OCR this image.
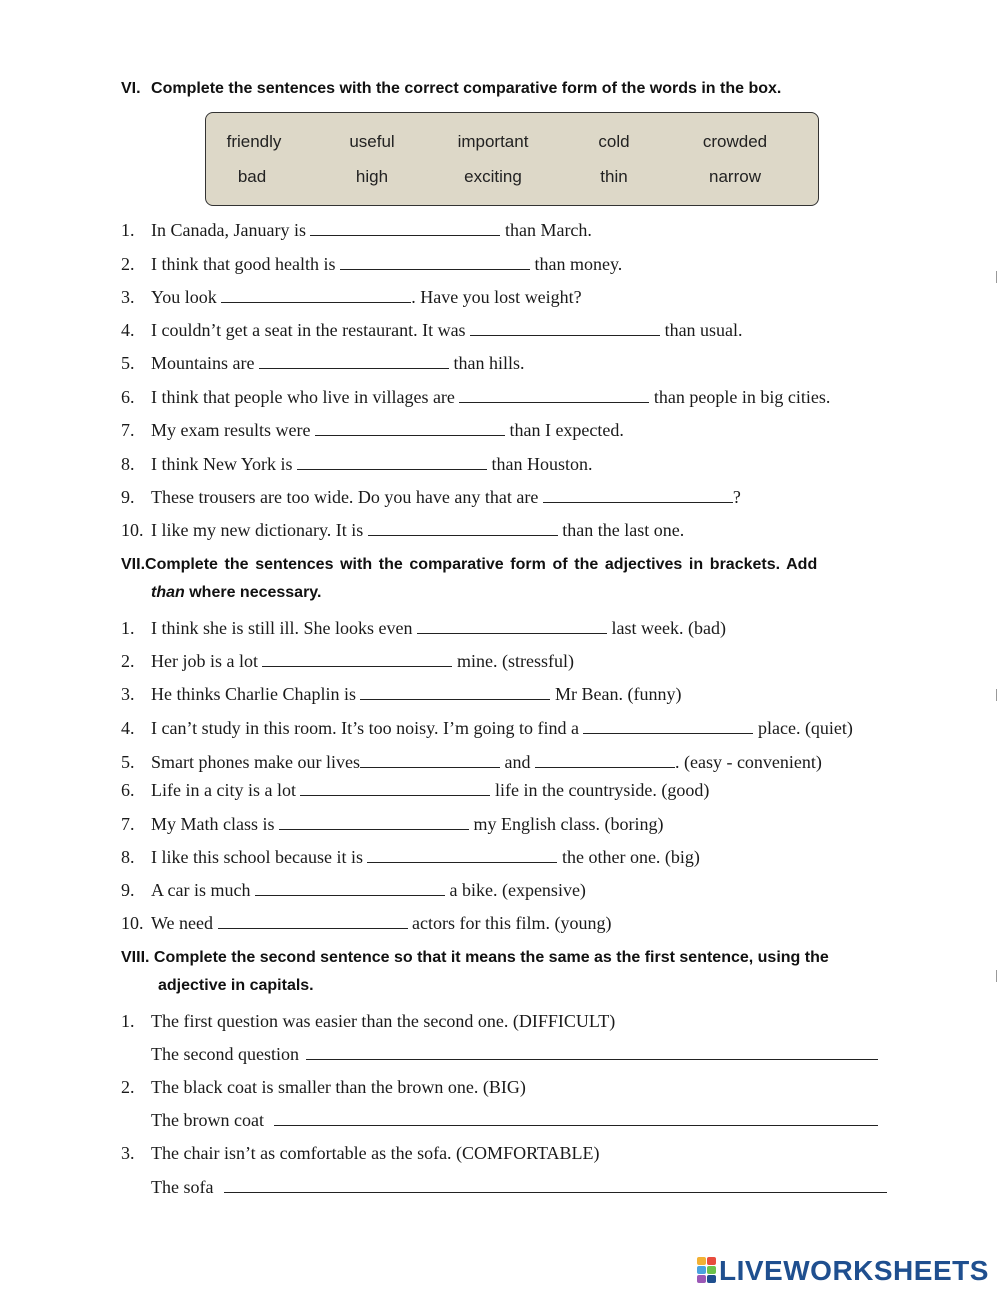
VI. Complete the sentences with the correct comparative form of the words in the box.
friendly	useful	important	cold	crowded
bad	high	exciting	thin	narrow
1. In Canada, January is	than March.
2. I think that good health is	than money.
3. You look	. Have you lost weight?
4. I couldn’t get a seat in the restaurant. It was	than usual.
5. Mountains are	than hills.
6. I think that people who live in villages are	than people in big cities.
7. My exam results were	than I expected.
8. I think New York is	than Houston.
9. These trousers are too wide. Do you have any that are	?
10. I like my new dictionary. It is	than the last one.
VII.Complete the sentences with the comparative form of the adjectives in brackets. Add
than where necessary.
1. I think she is still ill. She looks even	last week. (bad)
2. Her job is a lot	mine. (stressful)
3. He thinks Charlie Chaplin is	Mr Bean. (funny)
4. I can’t study in this room. It’s too noisy. I’m going to find a	place. (quiet)
5. Smart phones make our lives	and	. (easy - convenient)
6. Life in a city is a lot	life in the countryside. (good)
7. My Math class is	my English class. (boring)
8. I like this school because it is	the other one. (big)
9. A car is much	a bike. (expensive)
10. We need	actors for this film. (young)
VIII. Complete the second sentence so that it means the same as the first sentence, using the
adjective in capitals.
1. The first question was easier than the second one. (DIFFICULT)
The second question
2. The black coat is smaller than the brown one. (BIG)
The brown coat
3. The chair isn’t as comfortable as the sofa. (COMFORTABLE)
The sofa
LIVEWORKSHEETS
